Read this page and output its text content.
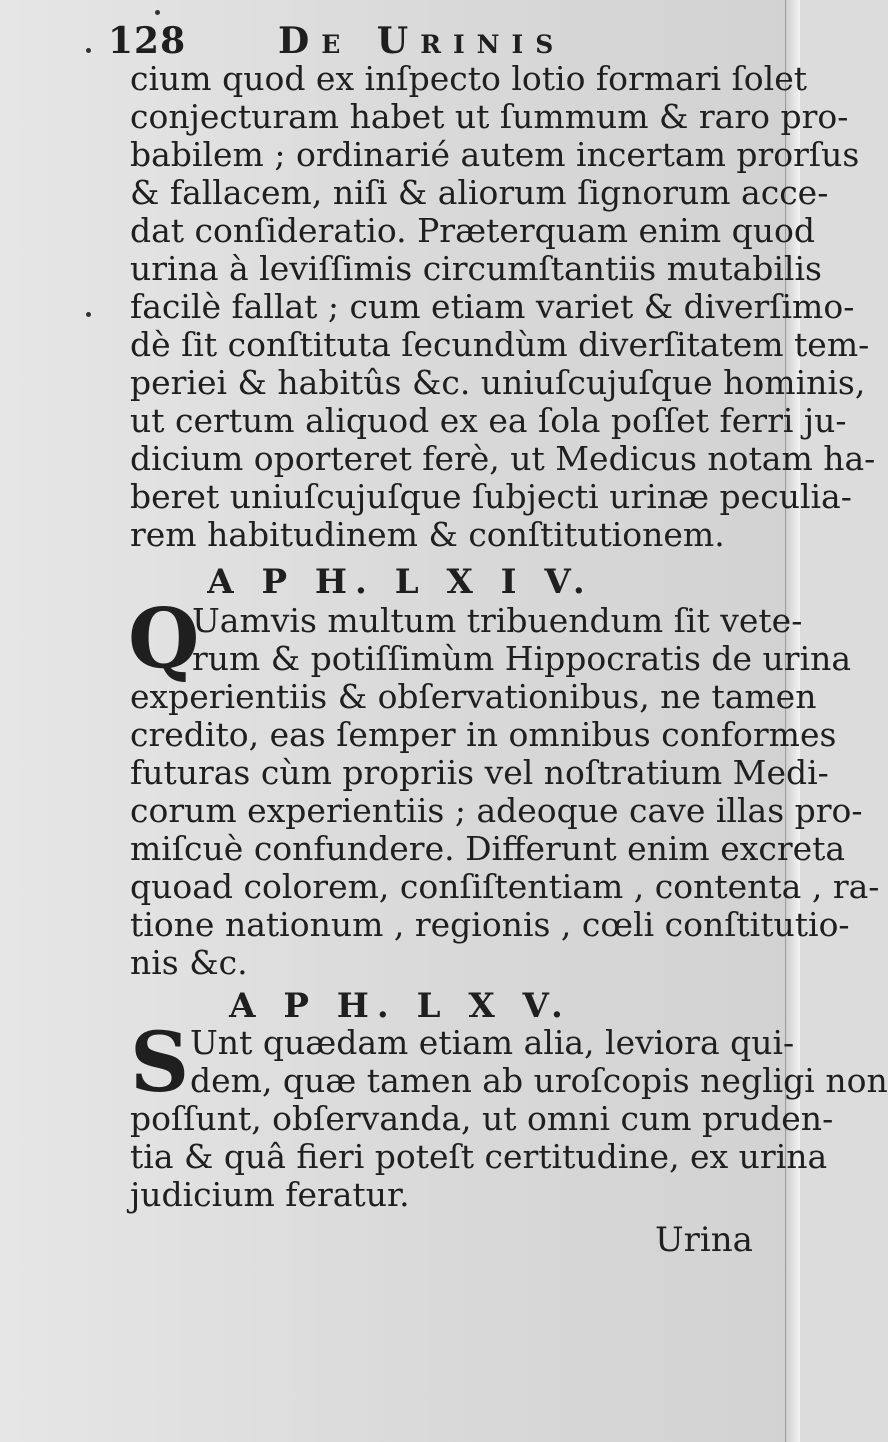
128	De Urinis
cium quod ex inſpecto lotio formari ſolet
conjecturam habet ut ſummum & raro pro-
babilem ; ordinarié autem incertam prorſus
& fallacem, niſi & aliorum ſignorum acce-
dat conſideratio. Præterquam enim quod
urina à leviſſimis circumſtantiis mutabilis
facilè fallat ; cum etiam variet & diverſimo-
dè ſit conſtituta ſecundùm diverſitatem tem-
periei & habitûs &c. uniuſcujuſque hominis,
ut certum aliquod ex ea ſola poſſet ferri ju-
dicium oporteret ferè, ut Medicus notam ha-
beret uniuſcujuſque ſubjecti urinæ peculia-
rem habitudinem & conſtitutionem.
A P H. L X I V.
Q
Uamvis multum tribuendum ſit vete-
rum & potiſſimùm Hippocratis de urina
experientiis & obſervationibus, ne tamen
credito, eas ſemper in omnibus conformes
futuras cùm propriis vel noſtratium Medi-
corum experientiis ; adeoque cave illas pro-
miſcuè confundere. Differunt enim excreta
quoad colorem, conſiſtentiam , contenta , ra-
tione nationum , regionis , cœli conſtitutio-
nis &c.
A P H. L X V.
S Unt quædam etiam alia, leviora qui-
dem, quæ tamen ab uroſcopis negligi non
poſſunt, obſervanda, ut omni cum pruden-
tia & quâ fieri poteſt certitudine, ex urina
judicium feratur.
Urina
